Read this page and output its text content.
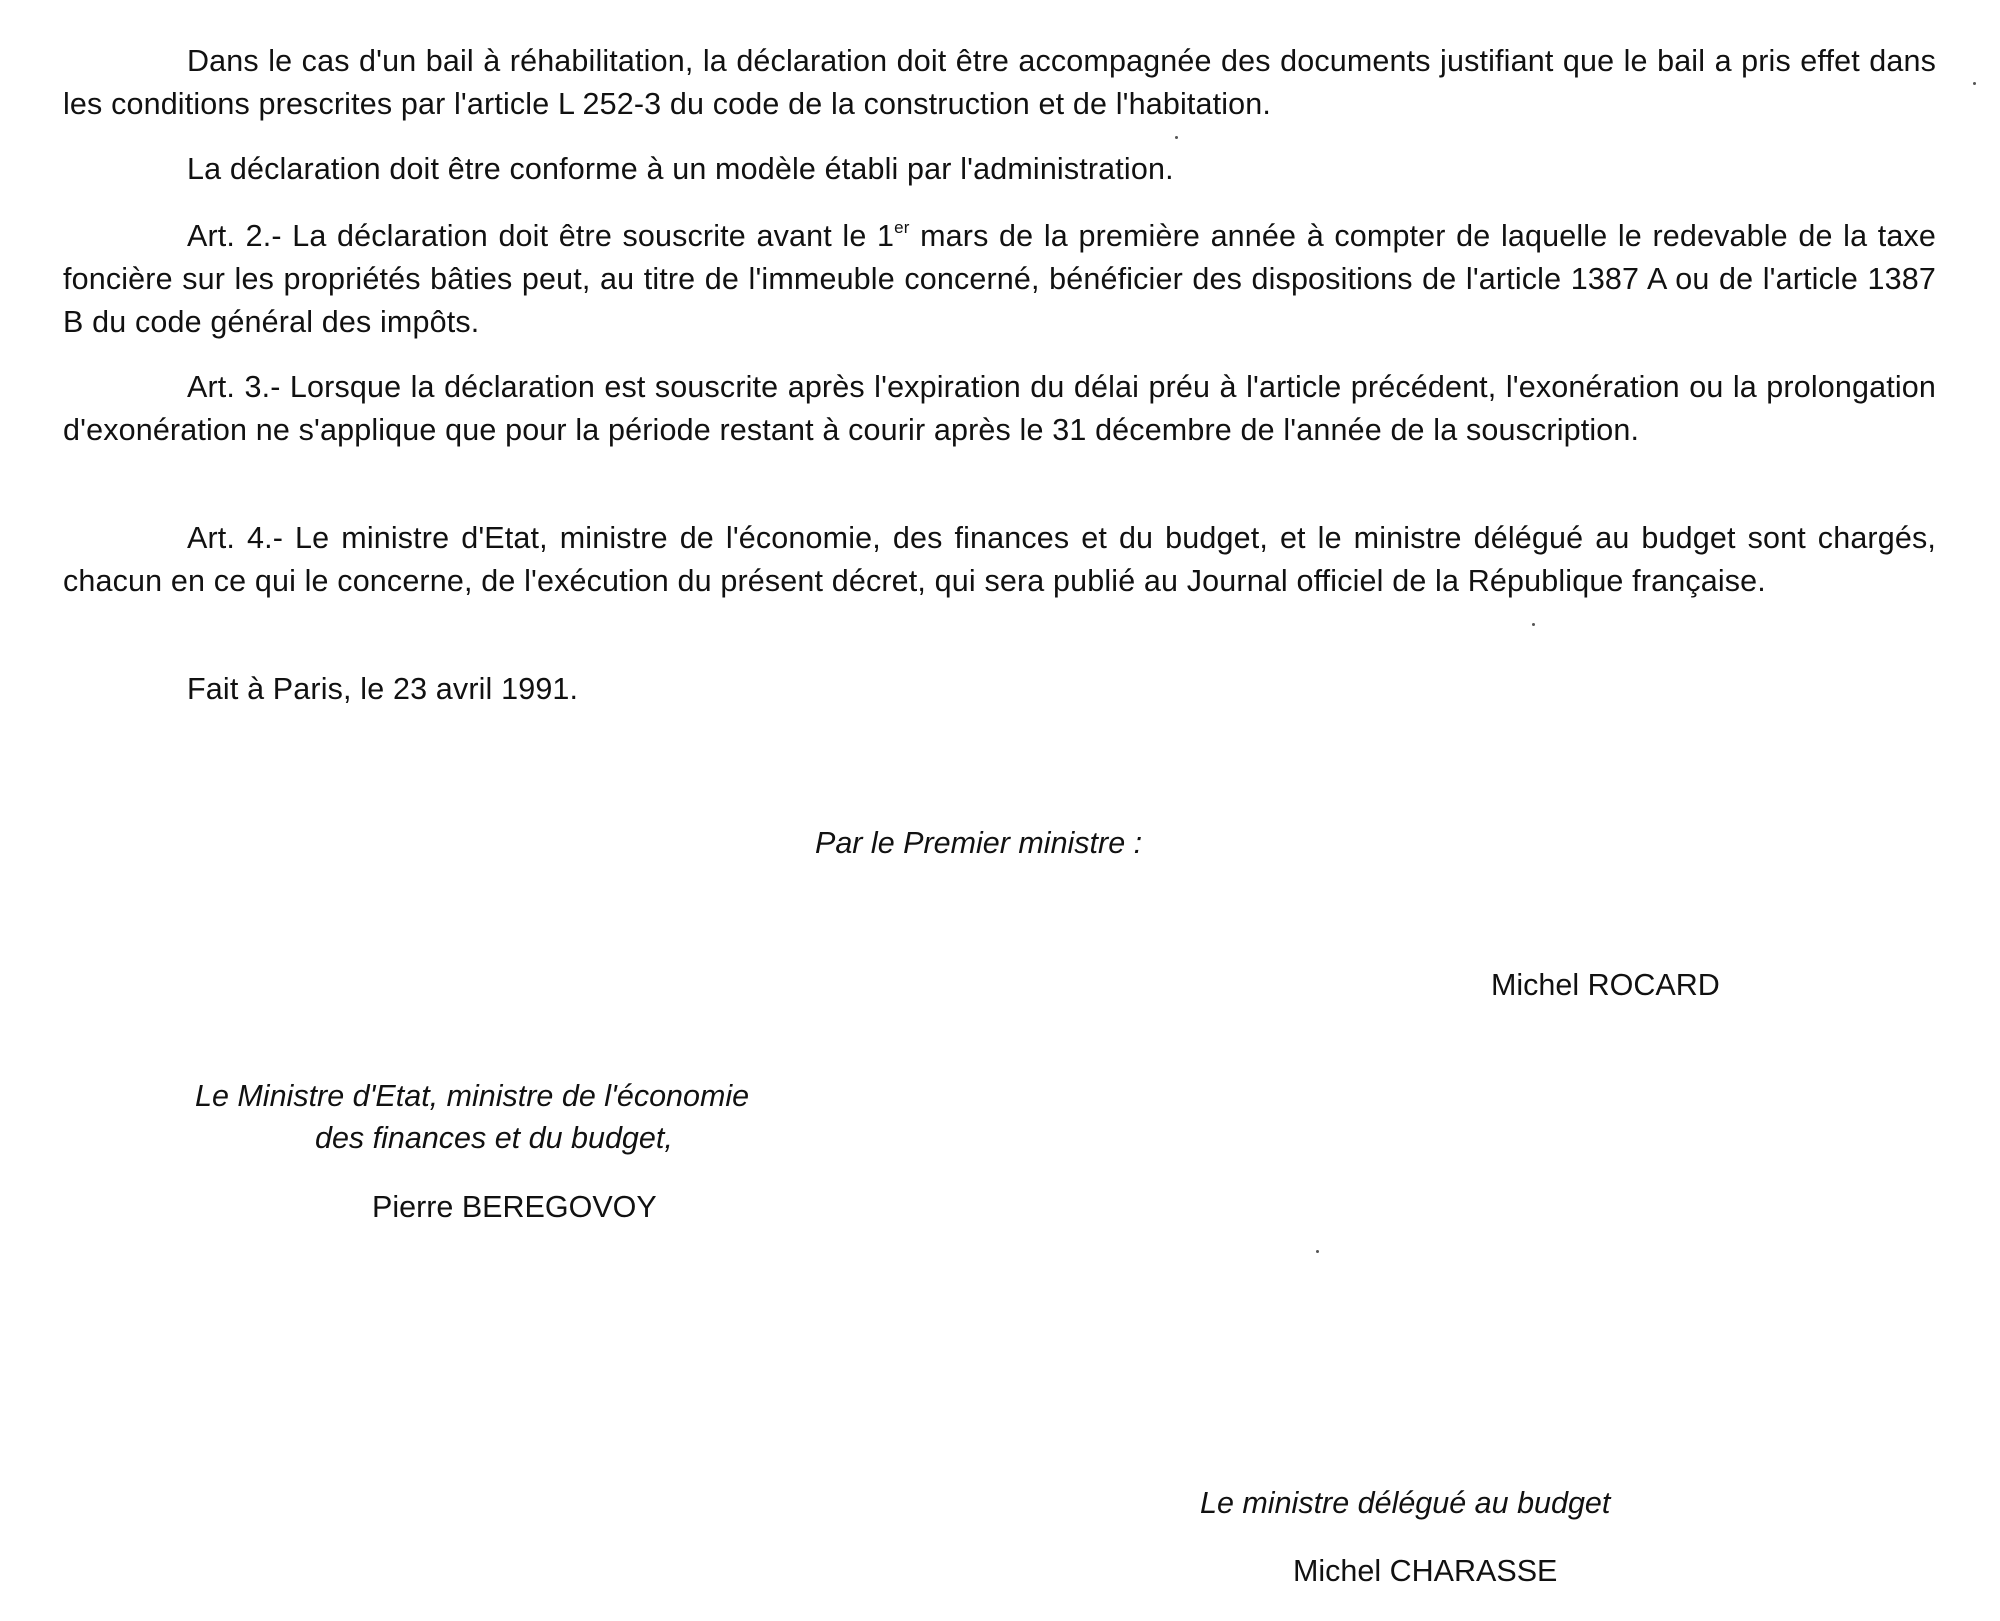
Dans le cas d'un bail à réhabilitation, la déclaration doit être accompagnée des documents justifiant que le bail a pris effet dans les conditions prescrites par l'article L 252-3 du code de la construction et de l'habitation.

La déclaration doit être conforme à un modèle établi par l'administration.

Art. 2.- La déclaration doit être souscrite avant le 1er mars de la première année à compter de laquelle le redevable de la taxe foncière sur les propriétés bâties peut, au titre de l'immeuble concerné, bénéficier des dispositions de l'article 1387 A ou de l'article 1387 B du code général des impôts.

Art. 3.- Lorsque la déclaration est souscrite après l'expiration du délai préu à l'article précédent, l'exonération ou la prolongation d'exonération ne s'applique que pour la période restant à courir après le 31 décembre de l'année de la souscription.

Art. 4.- Le ministre d'Etat, ministre de l'économie, des finances et du budget, et le ministre délégué au budget sont chargés, chacun en ce qui le concerne, de l'exécution du présent décret, qui sera publié au Journal officiel de la République française.

Fait à Paris, le 23 avril 1991.

Par le Premier ministre :
Michel ROCARD
Le Ministre d'Etat, ministre de l'économie
des finances et du budget,
Pierre BEREGOVOY
Le ministre délégué au budget
Michel CHARASSE
